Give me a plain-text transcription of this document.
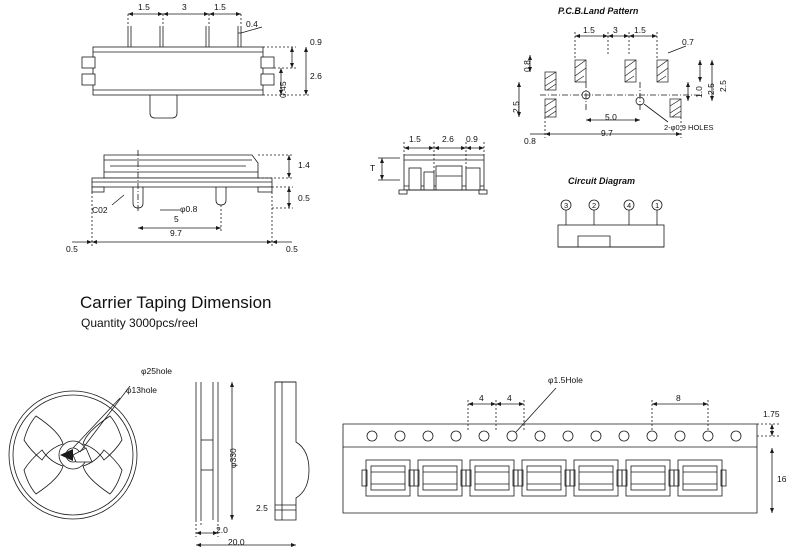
1.5	3	1.5
0.4
0.9
2.6
0.45
1.4
0.5
C02	φ0.8
5
9.7
0.5	0.5
1.5 2.6 0.9
T
P.C.B.Land Pattern
1.5 3 1.5
0.7
0.8
2.5
2.5
1.0
2.5
0.8
5.0
9.7
2-φ0.9 HOLES
Circuit Diagram
3	2	4	1
Carrier Taping Dimension
Quantity 3000pcs/reel
φ25hole
φ13hole
φ330
2.5
2.0
20.0
φ1.5Hole
4	4	8
1.75
16
